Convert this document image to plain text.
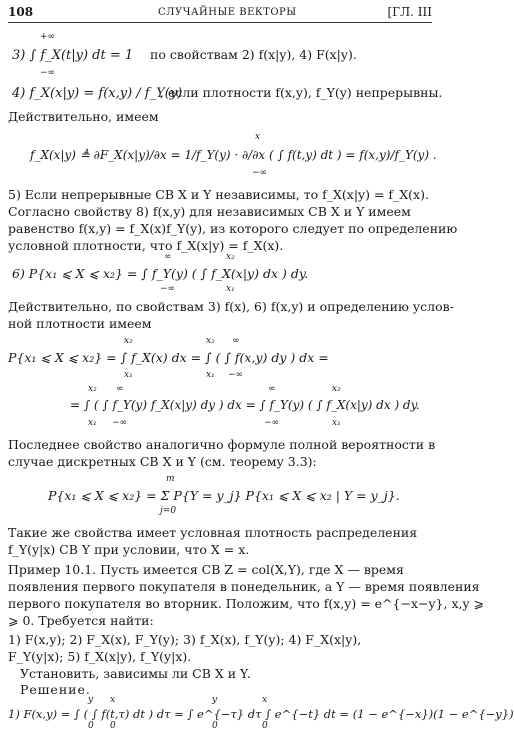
108	СЛУЧАЙНЫЕ ВЕКТОРЫ	[ГЛ. III
+∞
3) ∫ f_X(t|y) dt = 1 по свойствам 2) f(x|y), 4) F(x|y).
−∞
4) f_X(x|y) = f(x,y) / f_Y(y)
, если плотности f(x,y), f_Y(y) непрерывны.
Действительно, имеем
x
f_X(x|y) ≜ ∂F_X(x|y)/∂x = 1/f_Y(y) · ∂/∂x ( ∫ f(t,y) dt ) = f(x,y)/f_Y(y) .
−∞
5) Если непрерывные СВ X и Y независимы, то f_X(x|y) = f_X(x).
Согласно свойству 8) f(x,y) для независимых СВ X и Y имеем
равенство f(x,y) = f_X(x)f_Y(y), из которого следует по определению
условной плотности, что f_X(x|y) = f_X(x).
∞	x₂
6) P{x₁ ⩽ X ⩽ x₂} = ∫ f_Y(y) ( ∫ f_X(x|y) dx ) dy.
−∞	x₁
Действительно, по свойствам 3) f(x), 6) f(x,y) и определению услов-
ной плотности имеем
x₂	x₂ ∞
P{x₁ ⩽ X ⩽ x₂} = ∫ f_X(x) dx = ∫ ( ∫ f(x,y) dy ) dx =
x₁	x₁ −∞
x₂ ∞	∞	x₂
= ∫ ( ∫ f_Y(y) f_X(x|y) dy ) dx = ∫ f_Y(y) ( ∫ f_X(x|y) dx ) dy.
x₁ −∞	−∞	x₁
Последнее свойство аналогично формуле полной вероятности в
случае дискретных СВ X и Y (см. теорему 3.3):
m
P{x₁ ⩽ X ⩽ x₂} = Σ P{Y = y_j} P{x₁ ⩽ X ⩽ x₂ | Y = y_j}.
j=0
Такие же свойства имеет условная плотность распределения
f_Y(y|x) СВ Y при условии, что X = x.
Пример 10.1. Пусть имеется СВ Z = col(X,Y), где X — время
появления первого покупателя в понедельник, а Y — время появления
первого покупателя во вторник. Положим, что f(x,y) = e^{−x−y}, x,y ⩾
⩾ 0. Требуется найти:
1) F(x,y); 2) F_X(x), F_Y(y); 3) f_X(x), f_Y(y); 4) F_X(x|y),
F_Y(y|x); 5) f_X(x|y), f_Y(y|x).
Установить, зависимы ли СВ X и Y.
Решение.
y x	y	x
1) F(x,y) = ∫ ( ∫ f(t,τ) dt ) dτ = ∫ e^{−τ} dτ ∫ e^{−t} dt = (1 − e^{−x})(1 − e^{−y})
0 0	0	0
